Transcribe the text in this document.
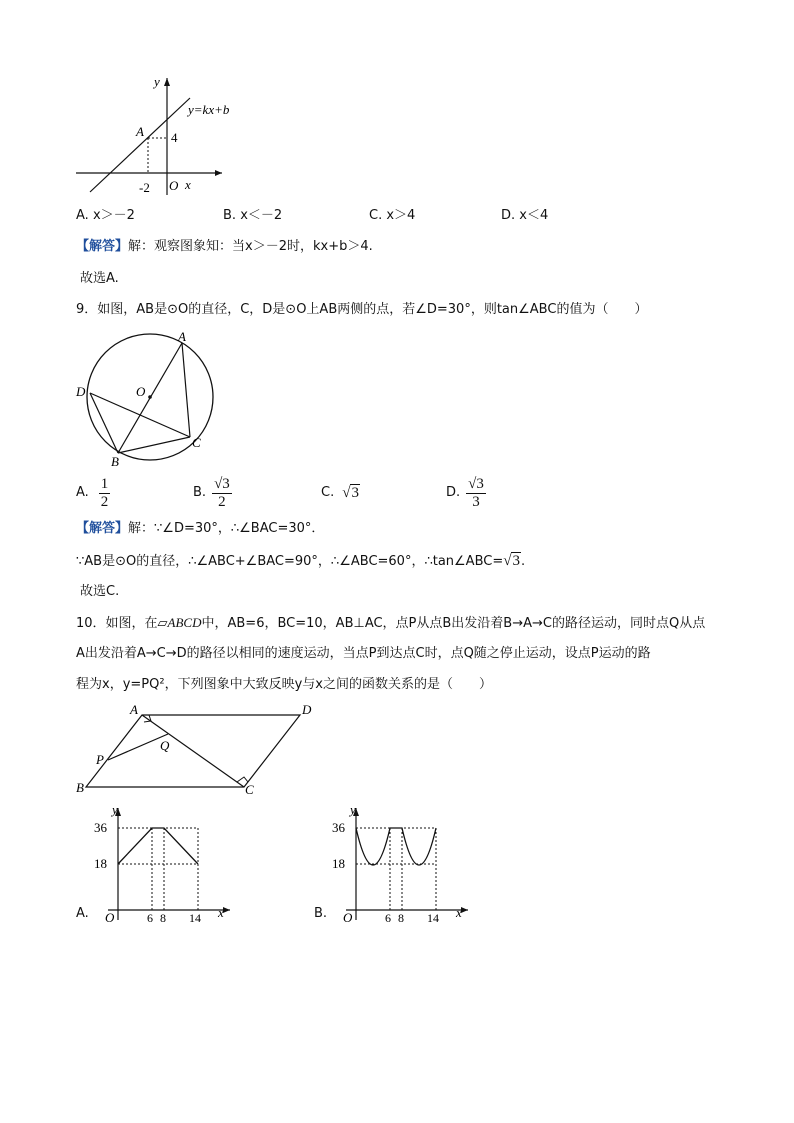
y
y=kx+b
A 4
-2 O x
A. x＞－2	B. x＜－2	C. x＞4	D. x＜4
【解答】解：观察图象知：当x＞－2时，kx+b＞4.
故选A.
9．如图，AB是⊙O的直径，C，D是⊙O上AB两侧的点，若∠D=30°，则tan∠ABC的值为（　　）
A
D	O
C
B
A. $\frac{1}{2}$	B. $\frac{√3}{2}$	C. √3	D. $\frac{√3}{3}$
【解答】解：∵∠D=30°，∴∠BAC=30°．
∵AB是⊙O的直径，∴∠ABC+∠BAC=90°，∴∠ABC=60°，∴tan∠ABC=√3.
故选C.
10．如图，在▱ABCD中，AB=6，BC=10，AB⊥AC，点P从点B出发沿着B→A→C的路径运动，同时点Q从点
A出发沿着A→C→D的路径以相同的速度运动，当点P到达点C时，点Q随之停止运动，设点P运动的路
程为x，y=PQ²，下列图象中大致反映y与x之间的函数关系的是（　　）
A	D
P
Q
B	C
A.
y
36
18
O	6 8 14 x	B.
y
36
18
O	6 8 14 x
